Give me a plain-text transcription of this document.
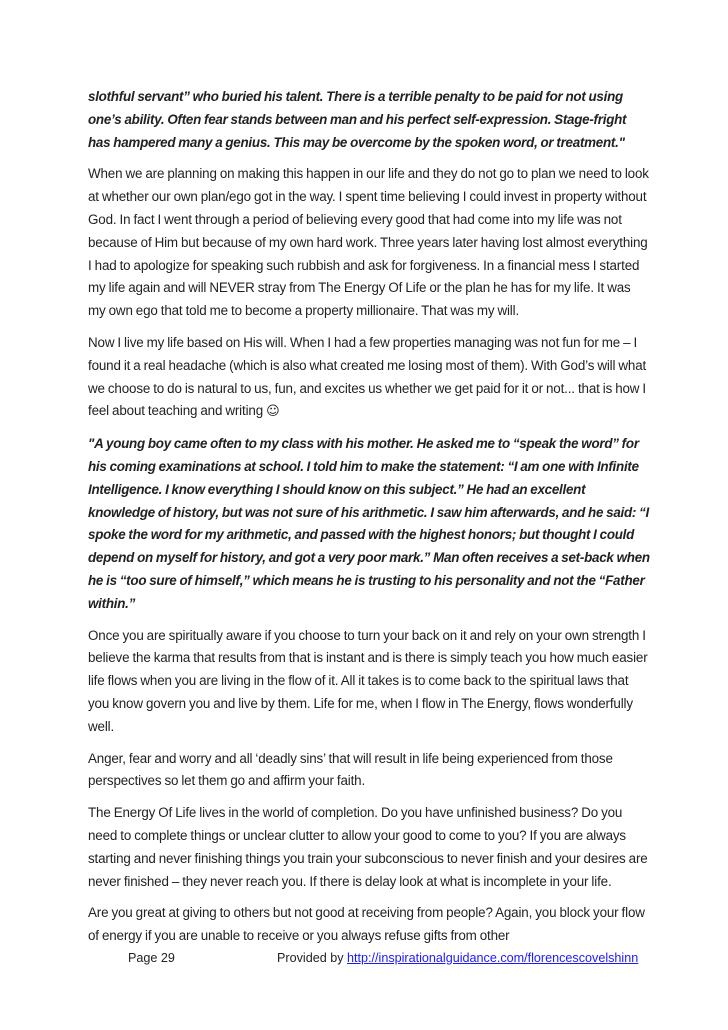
slothful servant” who buried his talent. There is a terrible penalty to be paid for not using one’s ability. Often fear stands between man and his perfect self-expression. Stage-fright has hampered many a genius. This may be overcome by the spoken word, or treatment."

When we are planning on making this happen in our life and they do not go to plan we need to look at whether our own plan/ego got in the way. I spent time believing I could invest in property without God. In fact I went through a period of believing every good that had come into my life was not because of Him but because of my own hard work. Three years later having lost almost everything I had to apologize for speaking such rubbish and ask for forgiveness. In a financial mess I started my life again and will NEVER stray from The Energy Of Life or the plan he has for my life. It was my own ego that told me to become a property millionaire. That was my will.

Now I live my life based on His will. When I had a few properties managing was not fun for me – I found it a real headache (which is also what created me losing most of them). With God’s will what we choose to do is natural to us, fun, and excites us whether we get paid for it or not... that is how I feel about teaching and writing ☺

"A young boy came often to my class with his mother. He asked me to “speak the word” for his coming examinations at school. I told him to make the statement: “I am one with Infinite Intelligence. I know everything I should know on this subject.” He had an excellent knowledge of history, but was not sure of his arithmetic. I saw him afterwards, and he said: “I spoke the word for my arithmetic, and passed with the highest honors; but thought I could depend on myself for history, and got a very poor mark.” Man often receives a set-back when he is “too sure of himself,” which means he is trusting to his personality and not the “Father within.”

Once you are spiritually aware if you choose to turn your back on it and rely on your own strength I believe the karma that results from that is instant and is there is simply teach you how much easier life flows when you are living in the flow of it. All it takes is to come back to the spiritual laws that you know govern you and live by them. Life for me, when I flow in The Energy, flows wonderfully well.

Anger, fear and worry and all ‘deadly sins’ that will result in life being experienced from those perspectives so let them go and affirm your faith.

The Energy Of Life lives in the world of completion. Do you have unfinished business? Do you need to complete things or unclear clutter to allow your good to come to you? If you are always starting and never finishing things you train your subconscious to never finish and your desires are never finished – they never reach you. If there is delay look at what is incomplete in your life.

Are you great at giving to others but not good at receiving from people? Again, you block your flow of energy if you are unable to receive or you always refuse gifts from other

Page 29	Provided by http://inspirationalguidance.com/florencescovelshinn
